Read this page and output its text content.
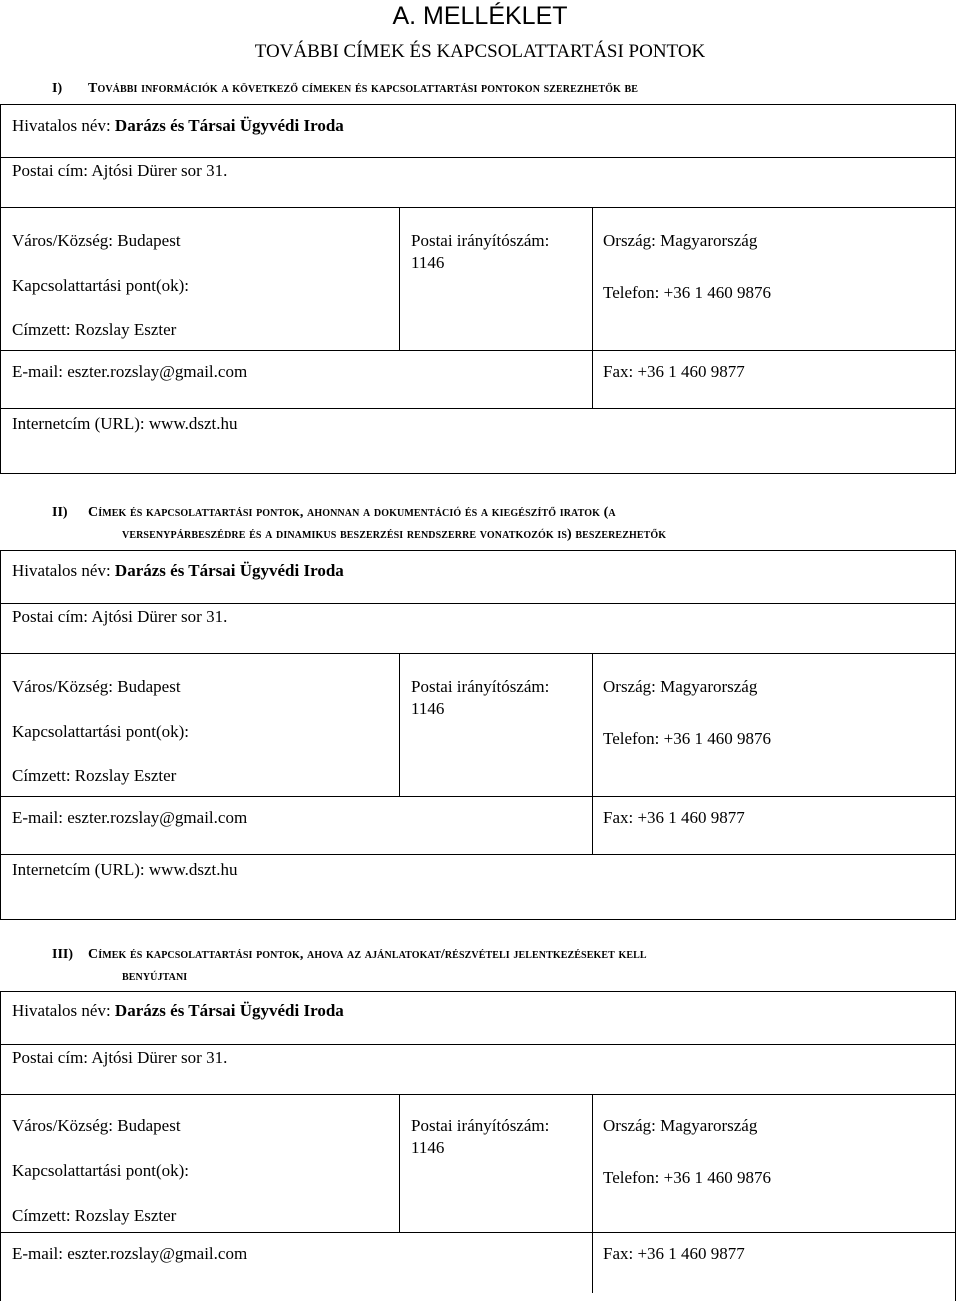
A. MELLÉKLET
TOVÁBBI CÍMEK ÉS KAPCSOLATTARTÁSI PONTOK
I) További információk a következő címeken és kapcsolattartási pontokon szerezhetők be
Hivatalos név: Darázs és Társai Ügyvédi Iroda
Postai cím: Ajtósi Dürer sor 31.
Város/Község: Budapest
Kapcsolattartási pont(ok):
Címzett: Rozslay Eszter
Postai irányítószám:
1146
Ország: Magyarország
Telefon: +36 1 460 9876
E-mail: eszter.rozslay@gmail.com	Fax: +36 1 460 9877
Internetcím (URL): www.dszt.hu
II) Címek és kapcsolattartási pontok, ahonnan a dokumentáció és a kiegészítő iratok (a
versenypárbeszédre és a dinamikus beszerzési rendszerre vonatkozók is) beszerezhetők
Hivatalos név: Darázs és Társai Ügyvédi Iroda
Postai cím: Ajtósi Dürer sor 31.
Város/Község: Budapest
Kapcsolattartási pont(ok):
Címzett: Rozslay Eszter
Postai irányítószám:
1146
Ország: Magyarország
Telefon: +36 1 460 9876
E-mail: eszter.rozslay@gmail.com	Fax: +36 1 460 9877
Internetcím (URL): www.dszt.hu
III) Címek és kapcsolattartási pontok, ahova az ajánlatokat/részvételi jelentkezéseket kell
benyújtani
Hivatalos név: Darázs és Társai Ügyvédi Iroda
Postai cím: Ajtósi Dürer sor 31.
Város/Község: Budapest
Kapcsolattartási pont(ok):
Címzett: Rozslay Eszter
Postai irányítószám:
1146
Ország: Magyarország
Telefon: +36 1 460 9876
E-mail: eszter.rozslay@gmail.com	Fax: +36 1 460 9877
